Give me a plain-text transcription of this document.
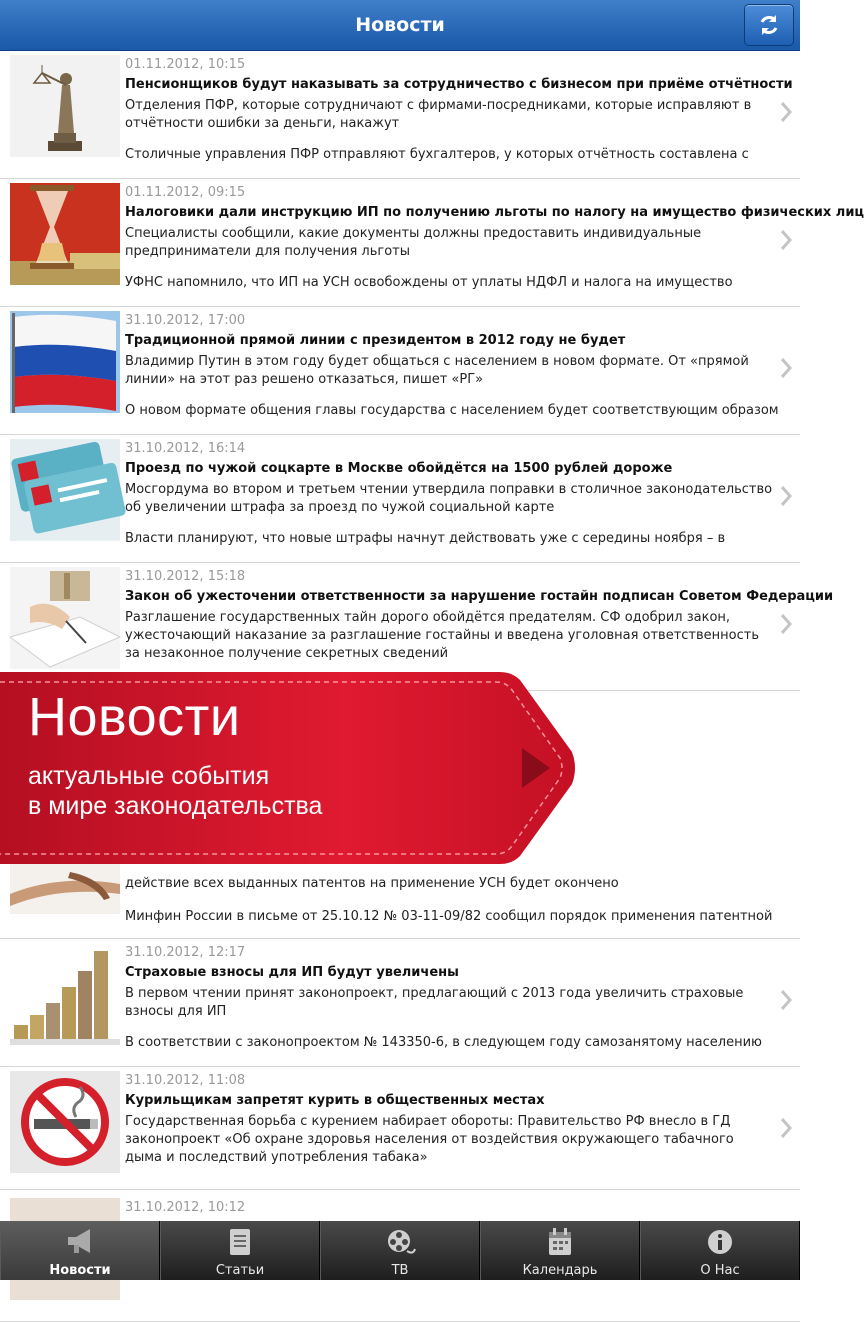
Новости
01.11.2012, 10:15
Пенсионщиков будут наказывать за сотрудничество с бизнесом при приёме отчётности
Отделения ПФР, которые сотрудничают с фирмами-посредниками, которые исправляют в отчётности ошибки за деньги, накажут
Столичные управления ПФР отправляют бухгалтеров, у которых отчётность составлена с
01.11.2012, 09:15
Налоговики дали инструкцию ИП по получению льготы по налогу на имущество физических лиц
Специалисты сообщили, какие документы должны предоставить индивидуальные предприниматели для получения льготы
УФНС напомнило, что ИП на УСН освобождены от уплаты НДФЛ и налога на имущество
31.10.2012, 17:00
Традиционной прямой линии с президентом в 2012 году не будет
Владимир Путин в этом году будет общаться с населением в новом формате. От «прямой линии» на этот раз решено отказаться, пишет «РГ»
О новом формате общения главы государства с населением будет соответствующим образом
31.10.2012, 16:14
Проезд по чужой соцкарте в Москве обойдётся на 1500 рублей дороже
Мосгордума во втором и третьем чтении утвердила поправки в столичное законодательство об увеличении штрафа за проезд по чужой социальной карте
Власти планируют, что новые штрафы начнут действовать уже с середины ноября – в
31.10.2012, 15:18
Закон об ужесточении ответственности за нарушение гостайн подписан Советом Федерации
Разглашение государственных тайн дорого обойдётся предателям. СФ одобрил закон, ужесточающий наказание за разглашение гостайны и введена уголовная ответственность за незаконное получение секретных сведений
действие всех выданных патентов на применение УСН будет окончено
Минфин России в письме от 25.10.12 № 03-11-09/82 сообщил порядок применения патентной
31.10.2012, 12:17
Страховые взносы для ИП будут увеличены
В первом чтении принят законопроект, предлагающий с 2013 года увеличить страховые взносы для ИП
В соответствии с законопроектом № 143350-6, в следующем году самозанятому населению
31.10.2012, 11:08
Курильщикам запретят курить в общественных местах
Государственная борьба с курением набирает обороты: Правительство РФ внесло в ГД законопроект «Об охране здоровья населения от воздействия окружающего табачного дыма и последствий употребления табака»
31.10.2012, 10:12
Новости
актуальные события
в мире законодательства
Новости	Статьи	ТВ	Календарь	О Нас
